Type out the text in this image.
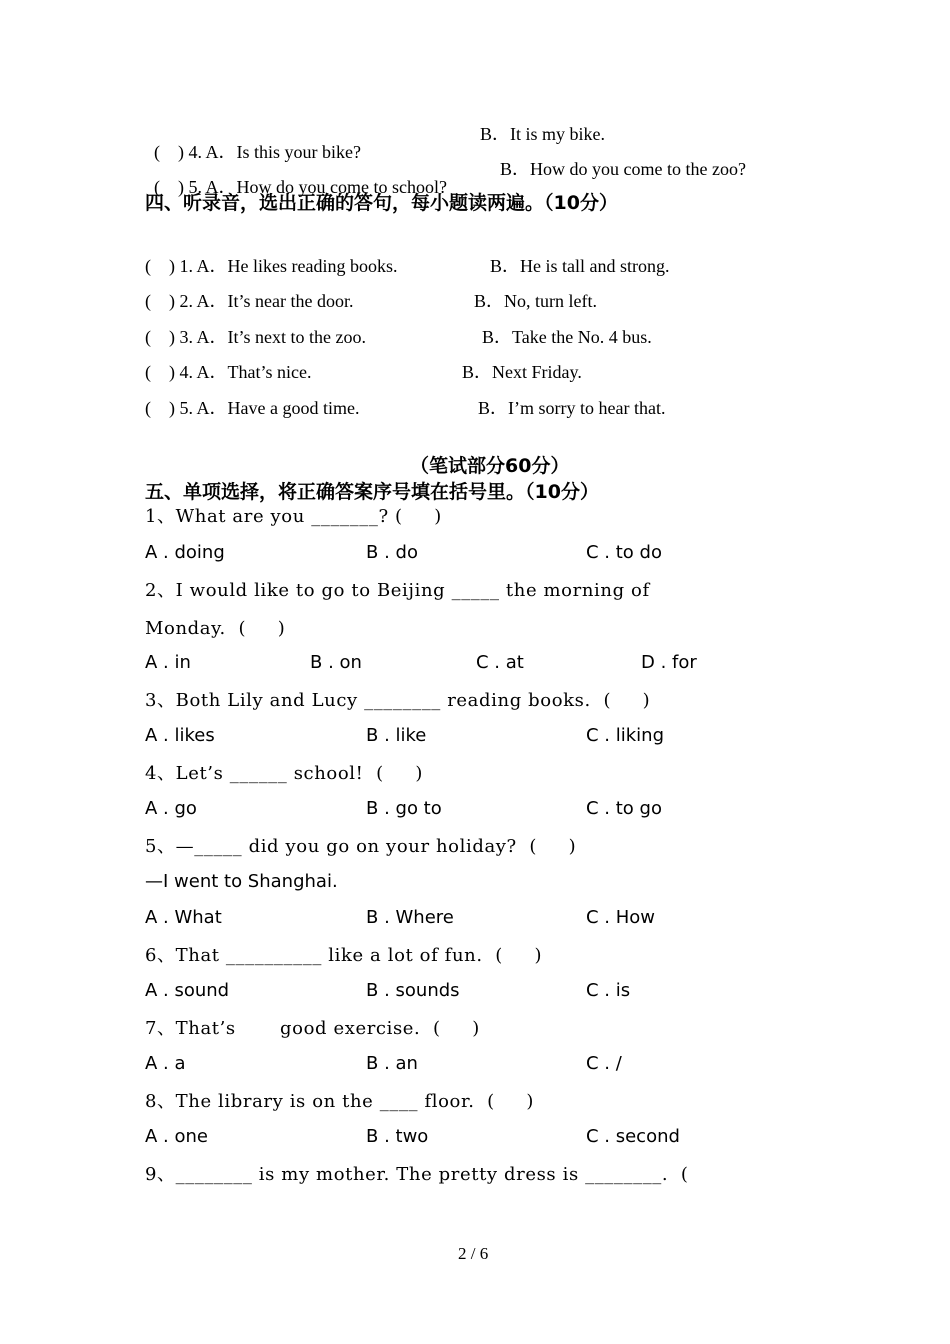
(    ) 4. A．Is this your bike?

B．It is my bike.

(    ) 5. A．How do you come to school?

B．How do you come to the zoo?
四、听录音，选出正确的答句，每小题读两遍。（10分）
(    ) 1. A．He likes reading books.	B．He is tall and strong.
(    ) 2. A．It’s near the door.	B．No, turn left.
(    ) 3. A．It’s next to the zoo.	B．Take the No. 4 bus.
(    ) 4. A．That’s nice.	B．Next Friday.
(    ) 5. A．Have a good time.	B．I’m sorry to hear that.
（笔试部分60分）
五、单项选择，将正确答案序号填在括号里。（10分）
1、What are you _______? (     )
A . doing	B . do	C . to do
2、I would like to go to Beijing _____ the morning of
Monday.  (     )
A . in	B . on	C . at	D . for
3、Both Lily and Lucy ________ reading books.  (     )
A . likes	B . like	C . liking
4、Let’s ______ school!  (     )
A . go	B . go to	C . to go
5、—_____ did you go on your holiday?  (     )
—I went to Shanghai.
A . What	B . Where	C . How
6、That __________ like a lot of fun.  (     )
A . sound	B . sounds	C . is
7、That’s       good exercise.  (     )
A . a	B . an	C . /
8、The library is on the ____ floor.  (     )
A . one	B . two	C . second
9、________ is my mother. The pretty dress is ________.  (
2 / 6
